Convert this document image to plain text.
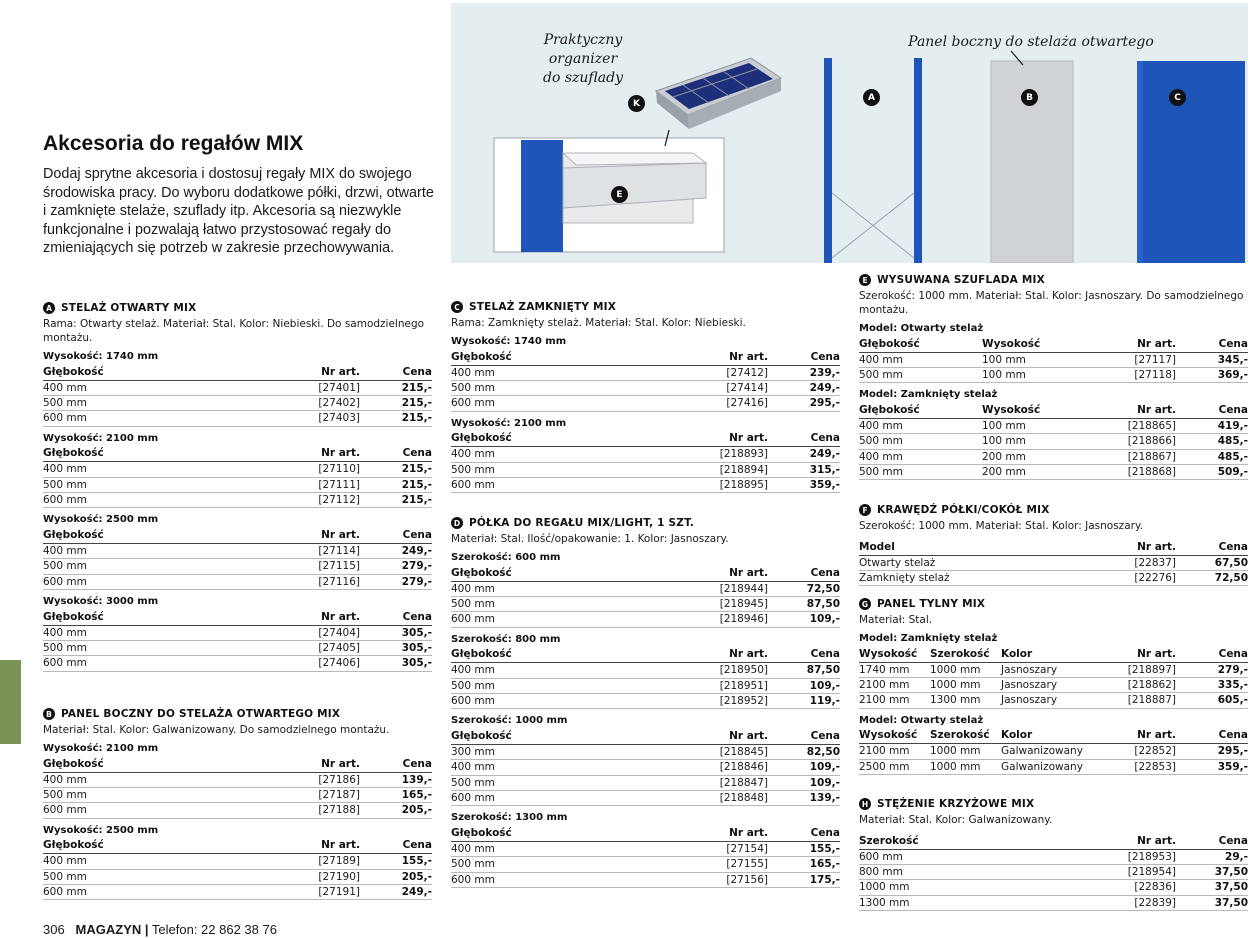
Praktyczny organizer
do szuflady
Panel boczny do stelaża otwartego
K
E
A	B	C
Akcesoria do regałów MIX

Dodaj sprytne akcesoria i dostosuj regały MIX do swojego środowiska pracy. Do wyboru dodatkowe półki, drzwi, otwarte i zamknięte stelaże, szuflady itp. Akcesoria są niezwykle funkcjonalne i pozwalają łatwo przystosować regały do zmieniających się potrzeb w zakresie przechowywania.

A STELAŻ OTWARTY MIX
Rama: Otwarty stelaż. Materiał: Stal. Kolor: Niebieski. Do samodzielnego montażu.
Wysokość: 1740 mm
Głębokość	Nr art.	Cena
400 mm	[27401]	215,-
500 mm	[27402]	215,-
600 mm	[27403]	215,-
Wysokość: 2100 mm
Głębokość	Nr art.	Cena
400 mm	[27110]	215,-
500 mm	[27111]	215,-
600 mm	[27112]	215,-
Wysokość: 2500 mm
Głębokość	Nr art.	Cena
400 mm	[27114]	249,-
500 mm	[27115]	279,-
600 mm	[27116]	279,-
Wysokość: 3000 mm
Głębokość	Nr art.	Cena
400 mm	[27404]	305,-
500 mm	[27405]	305,-
600 mm	[27406]	305,-
B PANEL BOCZNY DO STELAŻA OTWARTEGO MIX
Materiał: Stal. Kolor: Galwanizowany. Do samodzielnego montażu.
Wysokość: 2100 mm
Głębokość	Nr art.	Cena
400 mm	[27186]	139,-
500 mm	[27187]	165,-
600 mm	[27188]	205,-
Wysokość: 2500 mm
Głębokość	Nr art.	Cena
400 mm	[27189]	155,-
500 mm	[27190]	205,-
600 mm	[27191]	249,-
C STELAŻ ZAMKNIĘTY MIX
Rama: Zamknięty stelaż. Materiał: Stal. Kolor: Niebieski.
Wysokość: 1740 mm
Głębokość	Nr art.	Cena
400 mm	[27412]	239,-
500 mm	[27414]	249,-
600 mm	[27416]	295,-
Wysokość: 2100 mm
Głębokość	Nr art.	Cena
400 mm	[218893]	249,-
500 mm	[218894]	315,-
600 mm	[218895]	359,-
D PÓŁKA DO REGAŁU MIX/LIGHT, 1 SZT.
Materiał: Stal. Ilość/opakowanie: 1. Kolor: Jasnoszary.
Szerokość: 600 mm
Głębokość	Nr art.	Cena
400 mm	[218944]	72,50
500 mm	[218945]	87,50
600 mm	[218946]	109,-
Szerokość: 800 mm
Głębokość	Nr art.	Cena
400 mm	[218950]	87,50
500 mm	[218951]	109,-
600 mm	[218952]	119,-
Szerokość: 1000 mm
Głębokość	Nr art.	Cena
300 mm	[218845]	82,50
400 mm	[218846]	109,-
500 mm	[218847]	109,-
600 mm	[218848]	139,-
Szerokość: 1300 mm
Głębokość	Nr art.	Cena
400 mm	[27154]	155,-
500 mm	[27155]	165,-
600 mm	[27156]	175,-
E WYSUWANA SZUFLADA MIX
Szerokość: 1000 mm. Materiał: Stal. Kolor: Jasnoszary. Do samodzielnego montażu.
Model: Otwarty stelaż
Głębokość	Wysokość	Nr art.	Cena
400 mm	100 mm	[27117]	345,-
500 mm	100 mm	[27118]	369,-
Model: Zamknięty stelaż
Głębokość	Wysokość	Nr art.	Cena
400 mm	100 mm	[218865]	419,-
500 mm	100 mm	[218866]	485,-
400 mm	200 mm	[218867]	485,-
500 mm	200 mm	[218868]	509,-
F KRAWĘDŹ PÓŁKI/COKÓŁ MIX
Szerokość: 1000 mm. Materiał: Stal. Kolor: Jasnoszary.
Model	Nr art.	Cena
Otwarty stelaż	[22837]	67,50
Zamknięty stelaż	[22276]	72,50
G PANEL TYLNY MIX
Materiał: Stal.
Model: Zamknięty stelaż
Wysokość	Szerokość	Kolor	Nr art.	Cena
1740 mm	1000 mm	Jasnoszary	[218897]	279,-
2100 mm	1000 mm	Jasnoszary	[218862]	335,-
2100 mm	1300 mm	Jasnoszary	[218887]	605,-
Model: Otwarty stelaż
Wysokość	Szerokość	Kolor	Nr art.	Cena
2100 mm	1000 mm	Galwanizowany	[22852]	295,-
2500 mm	1000 mm	Galwanizowany	[22853]	359,-
H STĘŻENIE KRZYŻOWE MIX
Materiał: Stal. Kolor: Galwanizowany.
Szerokość	Nr art.	Cena
600 mm	[218953]	29,-
800 mm	[218954]	37,50
1000 mm	[22836]	37,50
1300 mm	[22839]	37,50
306 MAGAZYN | Telefon: 22 862 38 76
